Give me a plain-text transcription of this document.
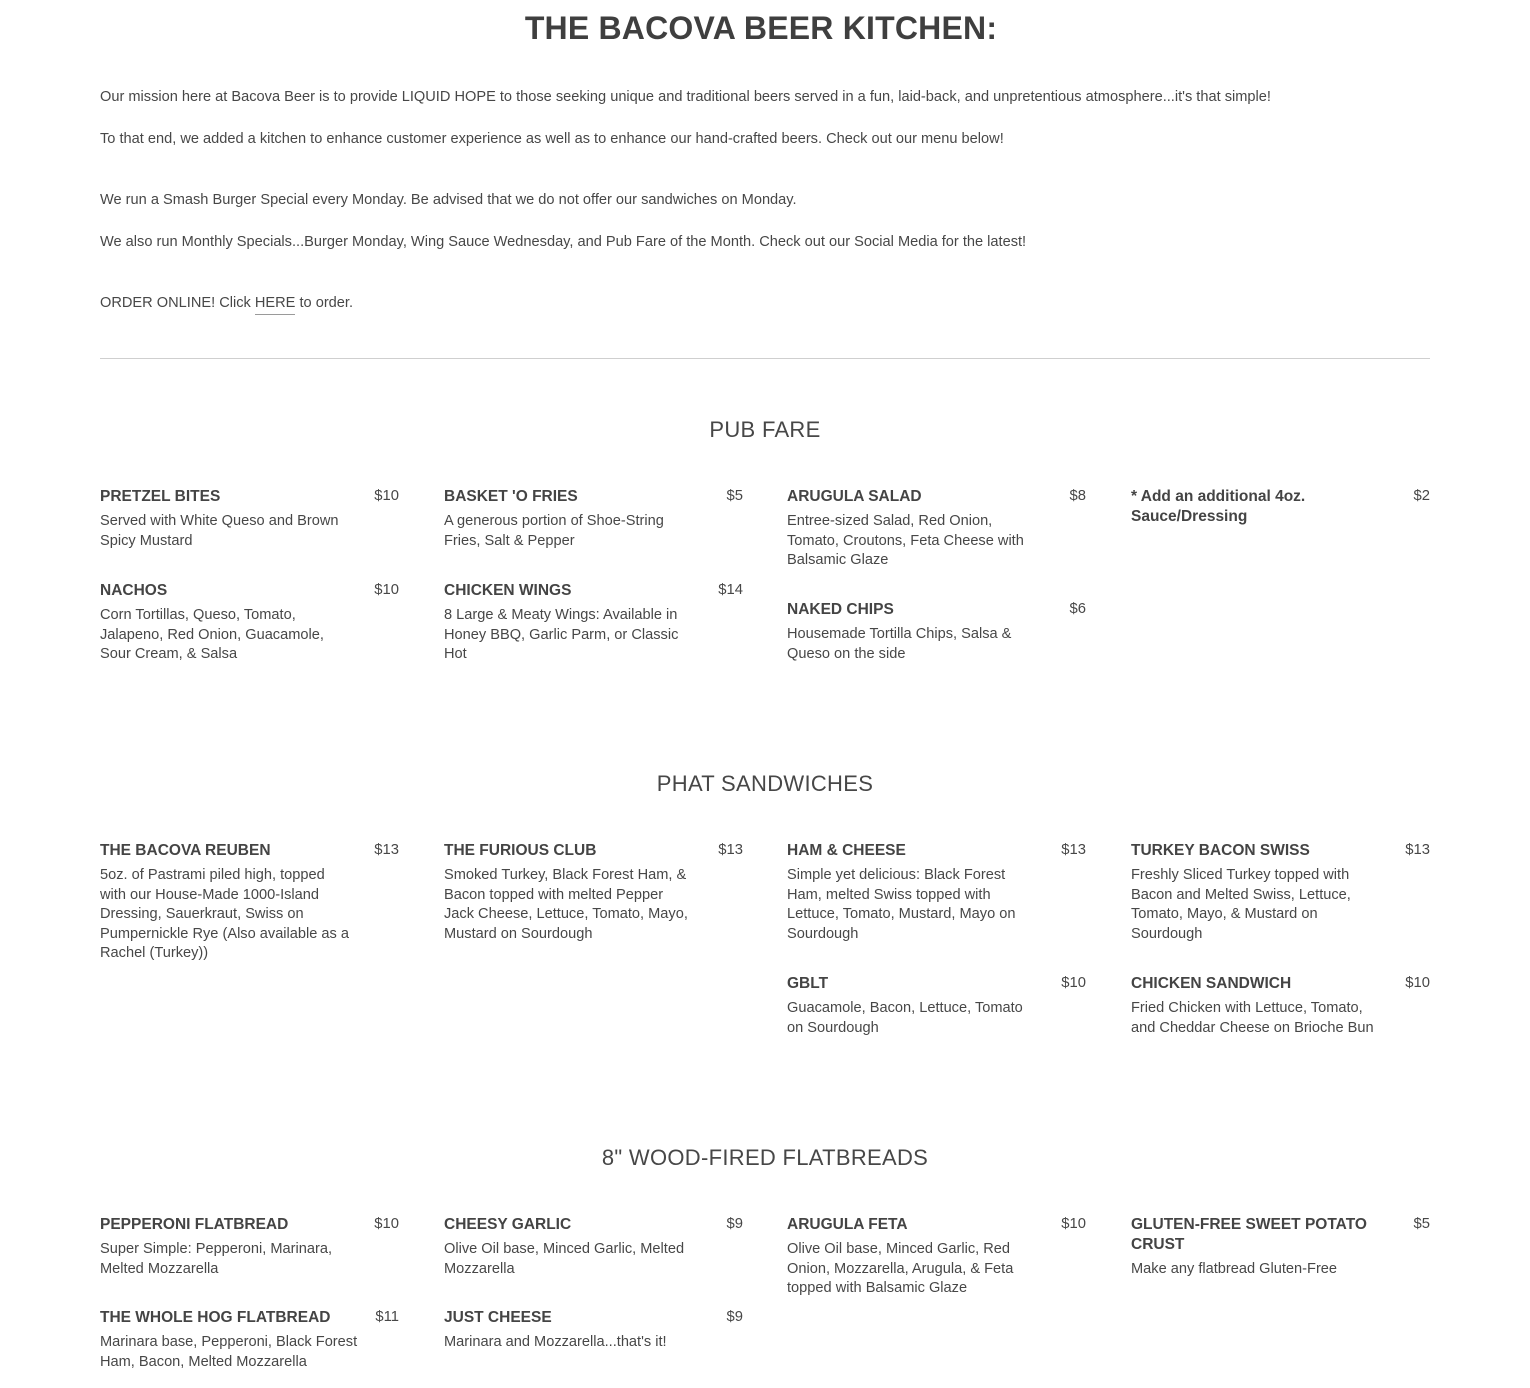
THE BACOVA BEER KITCHEN:

Our mission here at Bacova Beer is to provide LIQUID HOPE to those seeking unique and traditional beers served in a fun, laid-back, and unpretentious atmosphere...it's that simple!

To that end, we added a kitchen to enhance customer experience as well as to enhance our hand-crafted beers. Check out our menu below!

We run a Smash Burger Special every Monday. Be advised that we do not offer our sandwiches on Monday.

We also run Monthly Specials...Burger Monday, Wing Sauce Wednesday, and Pub Fare of the Month. Check out our Social Media for the latest!

ORDER ONLINE! Click HERE to order.

PUB FARE
PRETZEL BITES	$10

Served with White Queso and Brown Spicy Mustard

NACHOS	$10

Corn Tortillas, Queso, Tomato, Jalapeno, Red Onion, Guacamole, Sour Cream, & Salsa

BASKET 'O FRIES	$5

A generous portion of Shoe-String Fries, Salt & Pepper

CHICKEN WINGS	$14

8 Large & Meaty Wings: Available in Honey BBQ, Garlic Parm, or Classic Hot

ARUGULA SALAD	$8

Entree-sized Salad, Red Onion, Tomato, Croutons, Feta Cheese with Balsamic Glaze

NAKED CHIPS	$6

Housemade Tortilla Chips, Salsa & Queso on the side

* Add an additional 4oz. Sauce/Dressing
$2
PHAT SANDWICHES
THE BACOVA REUBEN	$13

5oz. of Pastrami piled high, topped with our House-Made 1000-Island Dressing, Sauerkraut, Swiss on Pumpernickle Rye (Also available as a Rachel (Turkey))

THE FURIOUS CLUB	$13

Smoked Turkey, Black Forest Ham, & Bacon topped with melted Pepper Jack Cheese, Lettuce, Tomato, Mayo, Mustard on Sourdough

HAM & CHEESE	$13

Simple yet delicious: Black Forest Ham, melted Swiss topped with Lettuce, Tomato, Mustard, Mayo on Sourdough

GBLT	$10

Guacamole, Bacon, Lettuce, Tomato on Sourdough

TURKEY BACON SWISS	$13

Freshly Sliced Turkey topped with Bacon and Melted Swiss, Lettuce, Tomato, Mayo, & Mustard on Sourdough

CHICKEN SANDWICH	$10

Fried Chicken with Lettuce, Tomato, and Cheddar Cheese on Brioche Bun

8" WOOD-FIRED FLATBREADS
PEPPERONI FLATBREAD	$10

Super Simple: Pepperoni, Marinara, Melted Mozzarella

THE WHOLE HOG FLATBREAD	$11

Marinara base, Pepperoni, Black Forest Ham, Bacon, Melted Mozzarella

CHEESY GARLIC	$9

Olive Oil base, Minced Garlic, Melted Mozzarella

JUST CHEESE	$9

Marinara and Mozzarella...that's it!

ARUGULA FETA	$10

Olive Oil base, Minced Garlic, Red Onion, Mozzarella, Arugula, & Feta topped with Balsamic Glaze

GLUTEN-FREE SWEET POTATO CRUST
$5

Make any flatbread Gluten-Free
